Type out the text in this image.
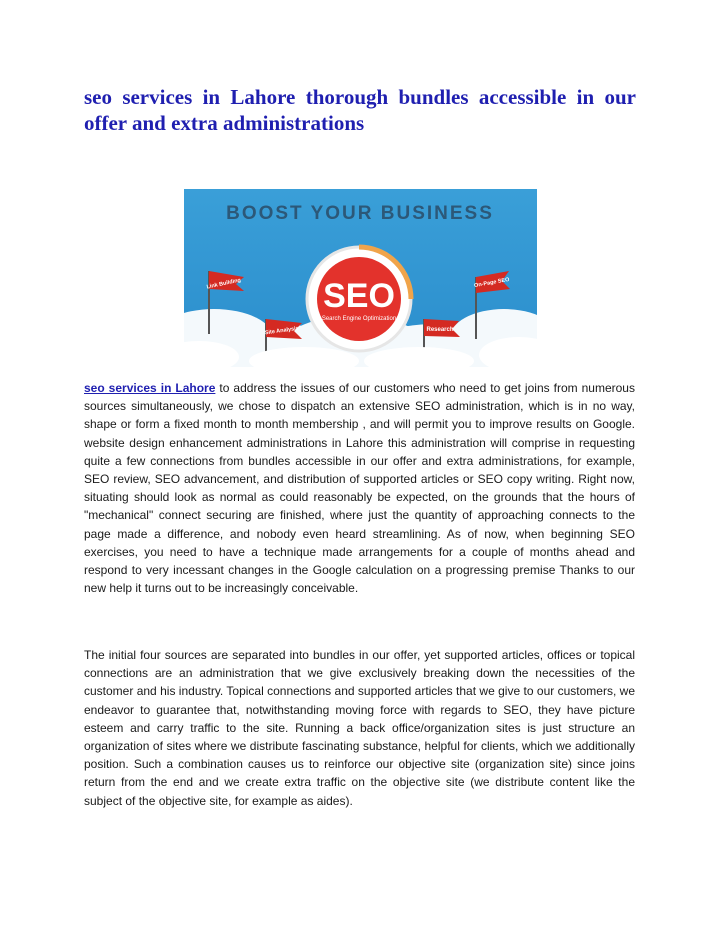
seo services in Lahore thorough bundles accessible in our offer and extra administrations
BOOST YOUR BUSINESS
SEO
Search Engine Optimization
Link Building
Site Analysis
On-Page SEO
Research

seo services in Lahore to address the issues of our customers who need to get joins from numerous sources simultaneously, we chose to dispatch an extensive SEO administration, which is in no way, shape or form a fixed month to month membership , and will permit you to improve results on Google. website design enhancement administrations in Lahore this administration will comprise in requesting quite a few connections from bundles accessible in our offer and extra administrations, for example, SEO review, SEO advancement, and distribution of supported articles or SEO copy writing. Right now, situating should look as normal as could reasonably be expected, on the grounds that the hours of "mechanical" connect securing are finished, where just the quantity of approaching connects to the page made a difference, and nobody even heard streamlining. As of now, when beginning SEO exercises, you need to have a technique made arrangements for a couple of months ahead and respond to very incessant changes in the Google calculation on a progressing premise Thanks to our new help it turns out to be increasingly conceivable.

The initial four sources are separated into bundles in our offer, yet supported articles, offices or topical connections are an administration that we give exclusively breaking down the necessities of the customer and his industry. Topical connections and supported articles that we give to our customers, we endeavor to guarantee that, notwithstanding moving force with regards to SEO, they have picture esteem and carry traffic to the site. Running a back office/organization sites is just structure an organization of sites where we distribute fascinating substance, helpful for clients, which we additionally position. Such a combination causes us to reinforce our objective site (organization site) since joins return from the end and we create extra traffic on the objective site (we distribute content like the subject of the objective site, for example as aides).
